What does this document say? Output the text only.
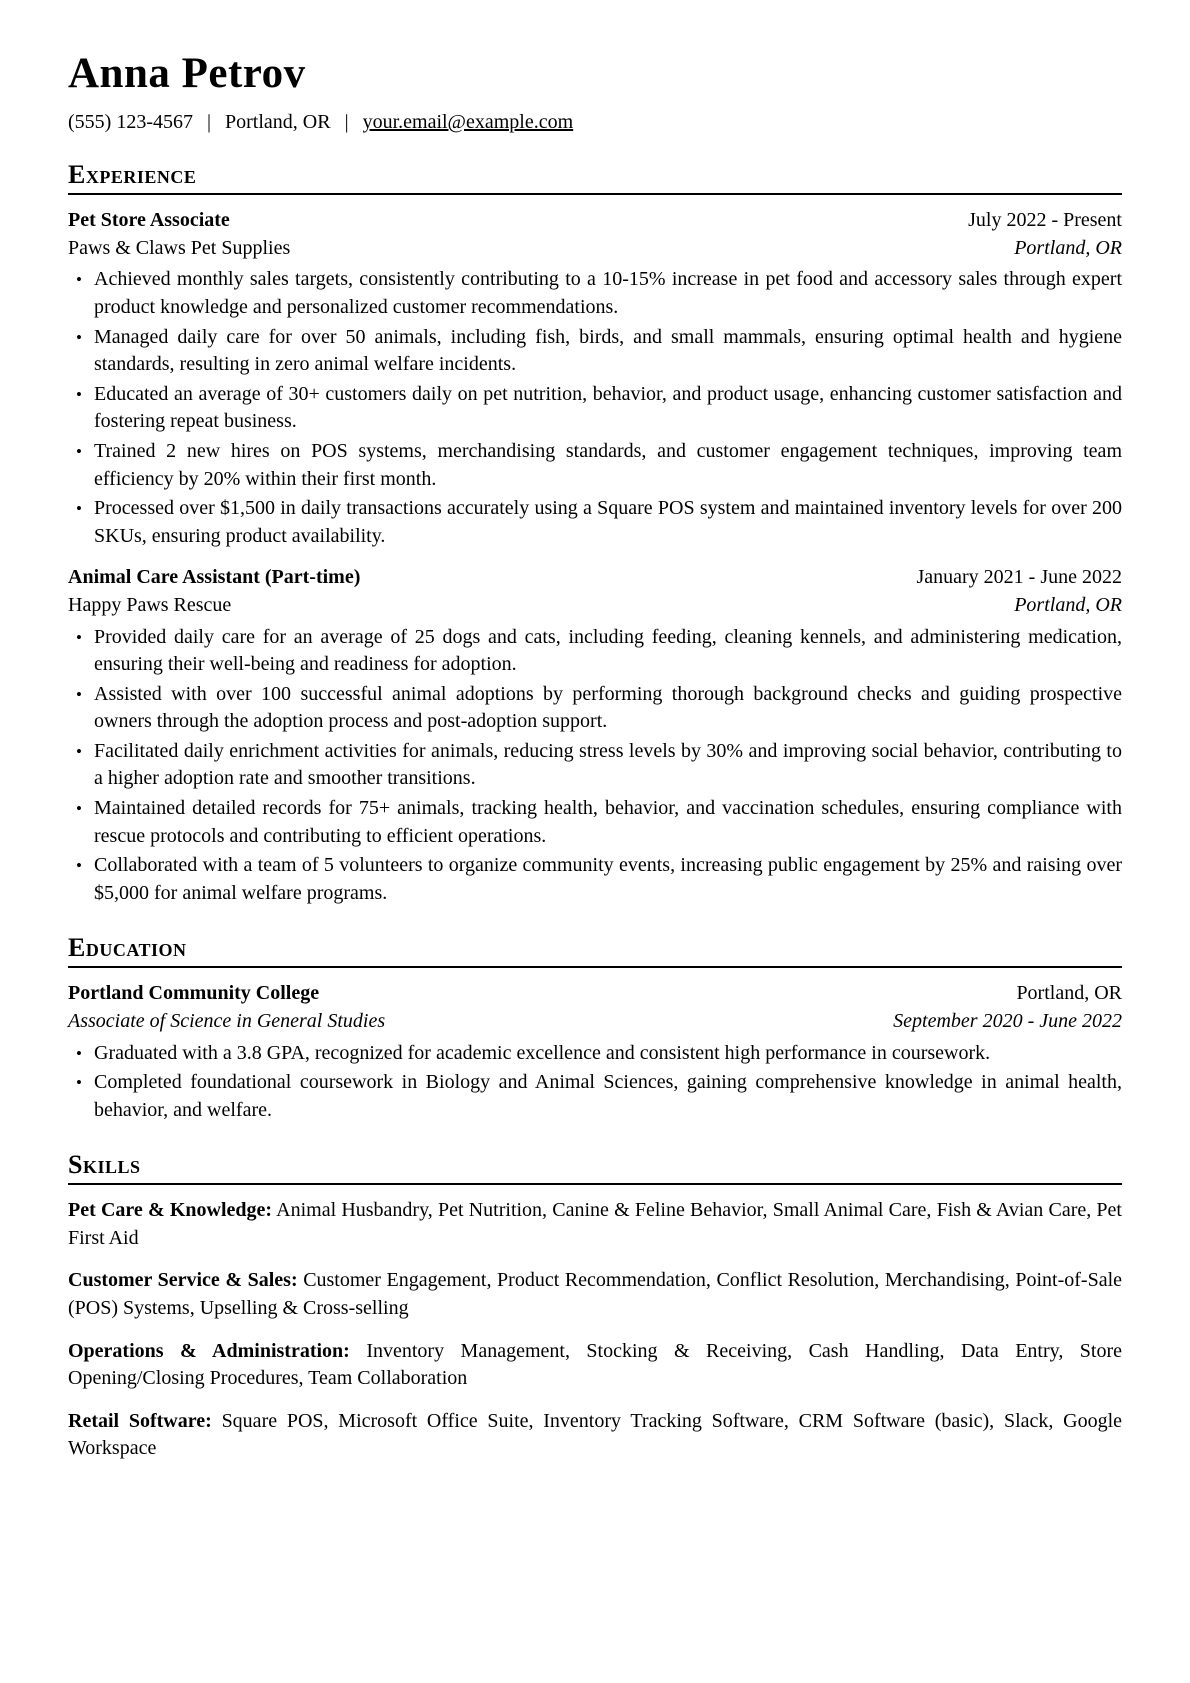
Anna Petrov
(555) 123-4567 | Portland, OR | your.email@example.com
Experience
Pet Store Associate	July 2022 - Present
Paws & Claws Pet Supplies	Portland, OR
• Achieved monthly sales targets, consistently contributing to a 10-15% increase in pet food and accessory sales through expert product knowledge and personalized customer recommendations.
• Managed daily care for over 50 animals, including fish, birds, and small mammals, ensuring optimal health and hygiene standards, resulting in zero animal welfare incidents.
• Educated an average of 30+ customers daily on pet nutrition, behavior, and product usage, enhancing customer satisfaction and fostering repeat business.
• Trained 2 new hires on POS systems, merchandising standards, and customer engagement techniques, improving team efficiency by 20% within their first month.
• Processed over $1,500 in daily transactions accurately using a Square POS system and maintained inventory levels for over 200 SKUs, ensuring product availability.
Animal Care Assistant (Part-time)	January 2021 - June 2022
Happy Paws Rescue	Portland, OR
• Provided daily care for an average of 25 dogs and cats, including feeding, cleaning kennels, and administering medication, ensuring their well-being and readiness for adoption.
• Assisted with over 100 successful animal adoptions by performing thorough background checks and guiding prospective owners through the adoption process and post-adoption support.
• Facilitated daily enrichment activities for animals, reducing stress levels by 30% and improving social behavior, contributing to a higher adoption rate and smoother transitions.
• Maintained detailed records for 75+ animals, tracking health, behavior, and vaccination schedules, ensuring compliance with rescue protocols and contributing to efficient operations.
• Collaborated with a team of 5 volunteers to organize community events, increasing public engagement by 25% and raising over $5,000 for animal welfare programs.
Education
Portland Community College	Portland, OR
Associate of Science in General Studies	September 2020 - June 2022
• Graduated with a 3.8 GPA, recognized for academic excellence and consistent high performance in coursework.
• Completed foundational coursework in Biology and Animal Sciences, gaining comprehensive knowledge in animal health, behavior, and welfare.
Skills

Pet Care & Knowledge: Animal Husbandry, Pet Nutrition, Canine & Feline Behavior, Small Animal Care, Fish & Avian Care, Pet First Aid

Customer Service & Sales: Customer Engagement, Product Recommendation, Conflict Resolution, Merchandising, Point-of-Sale (POS) Systems, Upselling & Cross-selling

Operations & Administration: Inventory Management, Stocking & Receiving, Cash Handling, Data Entry, Store Opening/Closing Procedures, Team Collaboration

Retail Software: Square POS, Microsoft Office Suite, Inventory Tracking Software, CRM Software (basic), Slack, Google Workspace
